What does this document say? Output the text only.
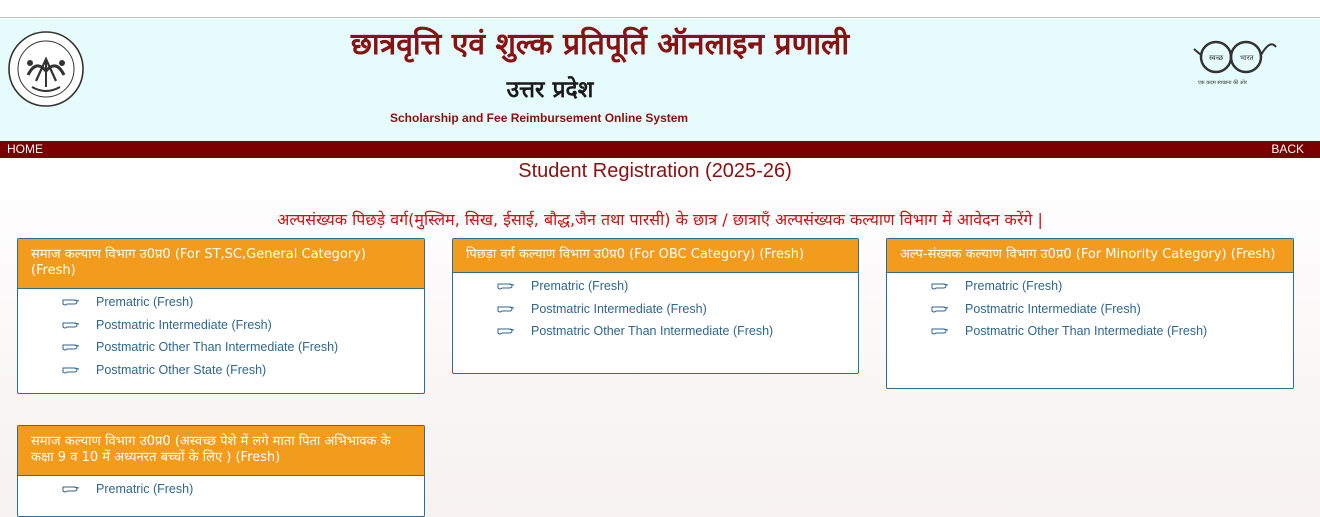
छात्रवृत्ति एवं शुल्क प्रतिपूर्ति ऑनलाइन प्रणाली
उत्तर प्रदेश
Scholarship and Fee Reimbursement Online System
स्वच्छ भारत
एक कदम स्वच्छता की ओर
HOME	BACK
Student Registration (2025-26)
अल्पसंख्यक पिछड़े वर्ग(मुस्लिम, सिख, ईसाई, बौद्ध,जैन तथा पारसी) के छात्र / छात्राएँ अल्पसंख्यक कल्याण विभाग में आवेदन करेंगे |
समाज कल्याण विभाग उ0प्र0 (For ST,SC,General Category) (Fresh)
Prematric (Fresh)
Postmatric Intermediate (Fresh)
Postmatric Other Than Intermediate (Fresh)
Postmatric Other State (Fresh)
पिछड़ा वर्ग कल्याण विभाग उ0प्र0 (For OBC Category) (Fresh)
Prematric (Fresh)
Postmatric Intermediate (Fresh)
Postmatric Other Than Intermediate (Fresh)
अल्प-संख्यक कल्याण विभाग उ0प्र0 (For Minority Category) (Fresh)
Prematric (Fresh)
Postmatric Intermediate (Fresh)
Postmatric Other Than Intermediate (Fresh)
समाज कल्याण विभाग उ0प्र0 (अस्वच्छ पेशे में लगे माता पिता अभिभावक के कक्षा 9 व 10 में अध्यनरत बच्चों के लिए ) (Fresh)
Prematric (Fresh)
